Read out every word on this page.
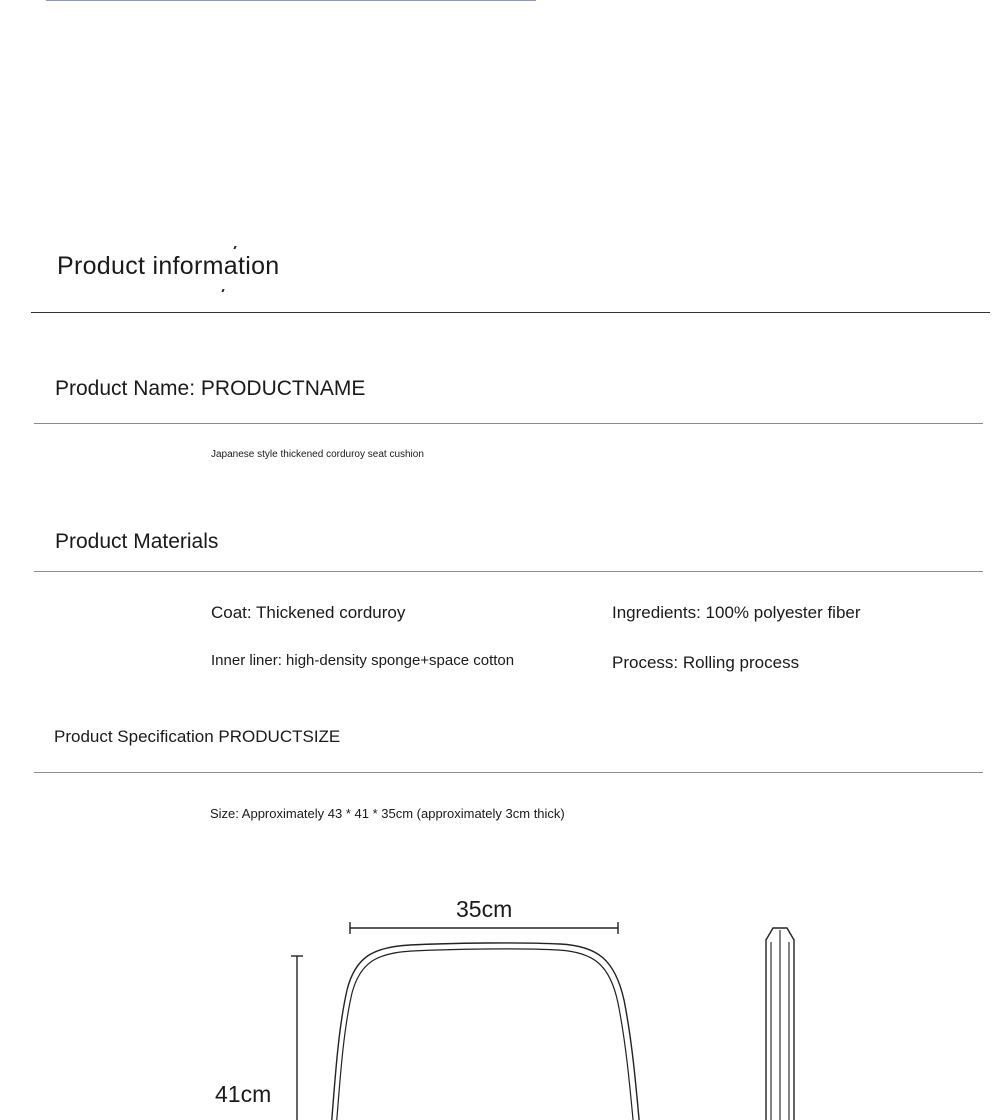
Product information
Product Name: PRODUCTNAME
Japanese style thickened corduroy seat cushion
Product Materials
Coat: Thickened corduroy	Ingredients: 100% polyester fiber
Inner liner: high-density sponge+space cotton	Process: Rolling process
Product Specification PRODUCTSIZE
Size: Approximately 43 * 41 * 35cm (approximately 3cm thick)
35cm
41cm
